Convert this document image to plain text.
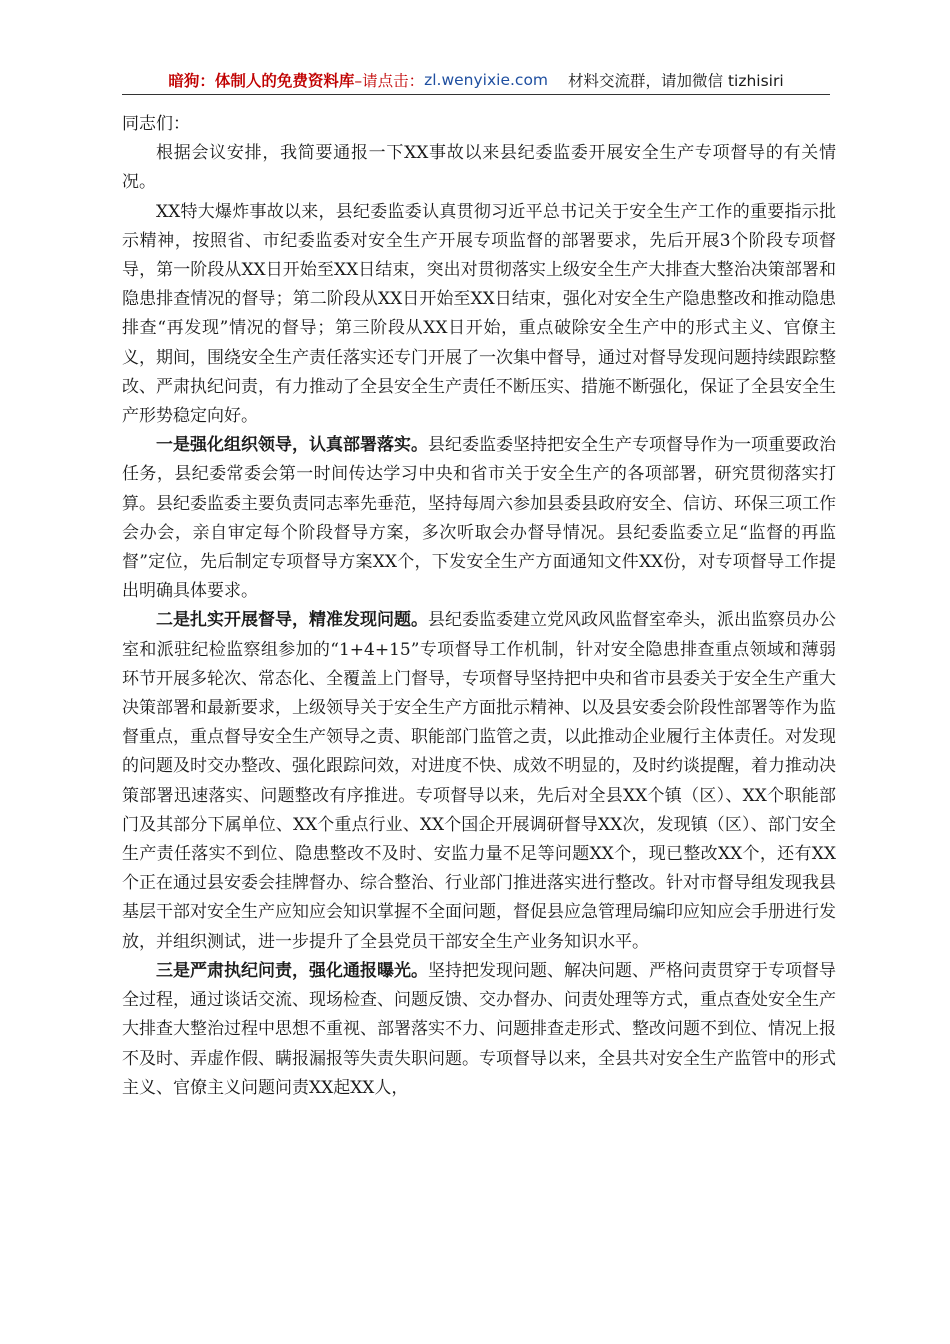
暗狗：体制人的免费资料库 –请点击： zl.wenyixie.com 材料交流群，请加微信 tizhisiri

同志们：

根据会议安排，我简要通报一下XX事故以来县纪委监委开展安全生产专项督导的有关情况。

XX特大爆炸事故以来，县纪委监委认真贯彻习近平总书记关于安全生产工作的重要指示批示精神，按照省、市纪委监委对安全生产开展专项监督的部署要求，先后开展3个阶段专项督导，第一阶段从XX日开始至XX日结束，突出对贯彻落实上级安全生产大排查大整治决策部署和隐患排查情况的督导；第二阶段从XX日开始至XX日结束，强化对安全生产隐患整改和推动隐患排查“再发现”情况的督导；第三阶段从XX日开始，重点破除安全生产中的形式主义、官僚主义，期间，围绕安全生产责任落实还专门开展了一次集中督导，通过对督导发现问题持续跟踪整改、严肃执纪问责，有力推动了全县安全生产责任不断压实、措施不断强化，保证了全县安全生产形势稳定向好。

一是强化组织领导，认真部署落实。县纪委监委坚持把安全生产专项督导作为一项重要政治任务，县纪委常委会第一时间传达学习中央和省市关于安全生产的各项部署，研究贯彻落实打算。县纪委监委主要负责同志率先垂范，坚持每周六参加县委县政府安全、信访、环保三项工作会办会，亲自审定每个阶段督导方案，多次听取会办督导情况。县纪委监委立足“监督的再监督”定位，先后制定专项督导方案XX个，下发安全生产方面通知文件XX份，对专项督导工作提出明确具体要求。

二是扎实开展督导，精准发现问题。县纪委监委建立党风政风监督室牵头，派出监察员办公室和派驻纪检监察组参加的“1+4+15”专项督导工作机制，针对安全隐患排查重点领域和薄弱环节开展多轮次、常态化、全覆盖上门督导，专项督导坚持把中央和省市县委关于安全生产重大决策部署和最新要求，上级领导关于安全生产方面批示精神、以及县安委会阶段性部署等作为监督重点，重点督导安全生产领导之责、职能部门监管之责，以此推动企业履行主体责任。对发现的问题及时交办整改、强化跟踪问效，对进度不快、成效不明显的，及时约谈提醒，着力推动决策部署迅速落实、问题整改有序推进。专项督导以来，先后对全县XX个镇（区）、XX个职能部门及其部分下属单位、XX个重点行业、XX个国企开展调研督导XX次，发现镇（区）、部门安全生产责任落实不到位、隐患整改不及时、安监力量不足等问题XX个，现已整改XX个，还有XX个正在通过县安委会挂牌督办、综合整治、行业部门推进落实进行整改。针对市督导组发现我县基层干部对安全生产应知应会知识掌握不全面问题，督促县应急管理局编印应知应会手册进行发放，并组织测试，进一步提升了全县党员干部安全生产业务知识水平。

三是严肃执纪问责，强化通报曝光。坚持把发现问题、解决问题、严格问责贯穿于专项督导全过程，通过谈话交流、现场检查、问题反馈、交办督办、问责处理等方式，重点查处安全生产大排查大整治过程中思想不重视、部署落实不力、问题排查走形式、整改问题不到位、情况上报不及时、弄虚作假、瞒报漏报等失责失职问题。专项督导以来，全县共对安全生产监管中的形式主义、官僚主义问题问责XX起XX人，
